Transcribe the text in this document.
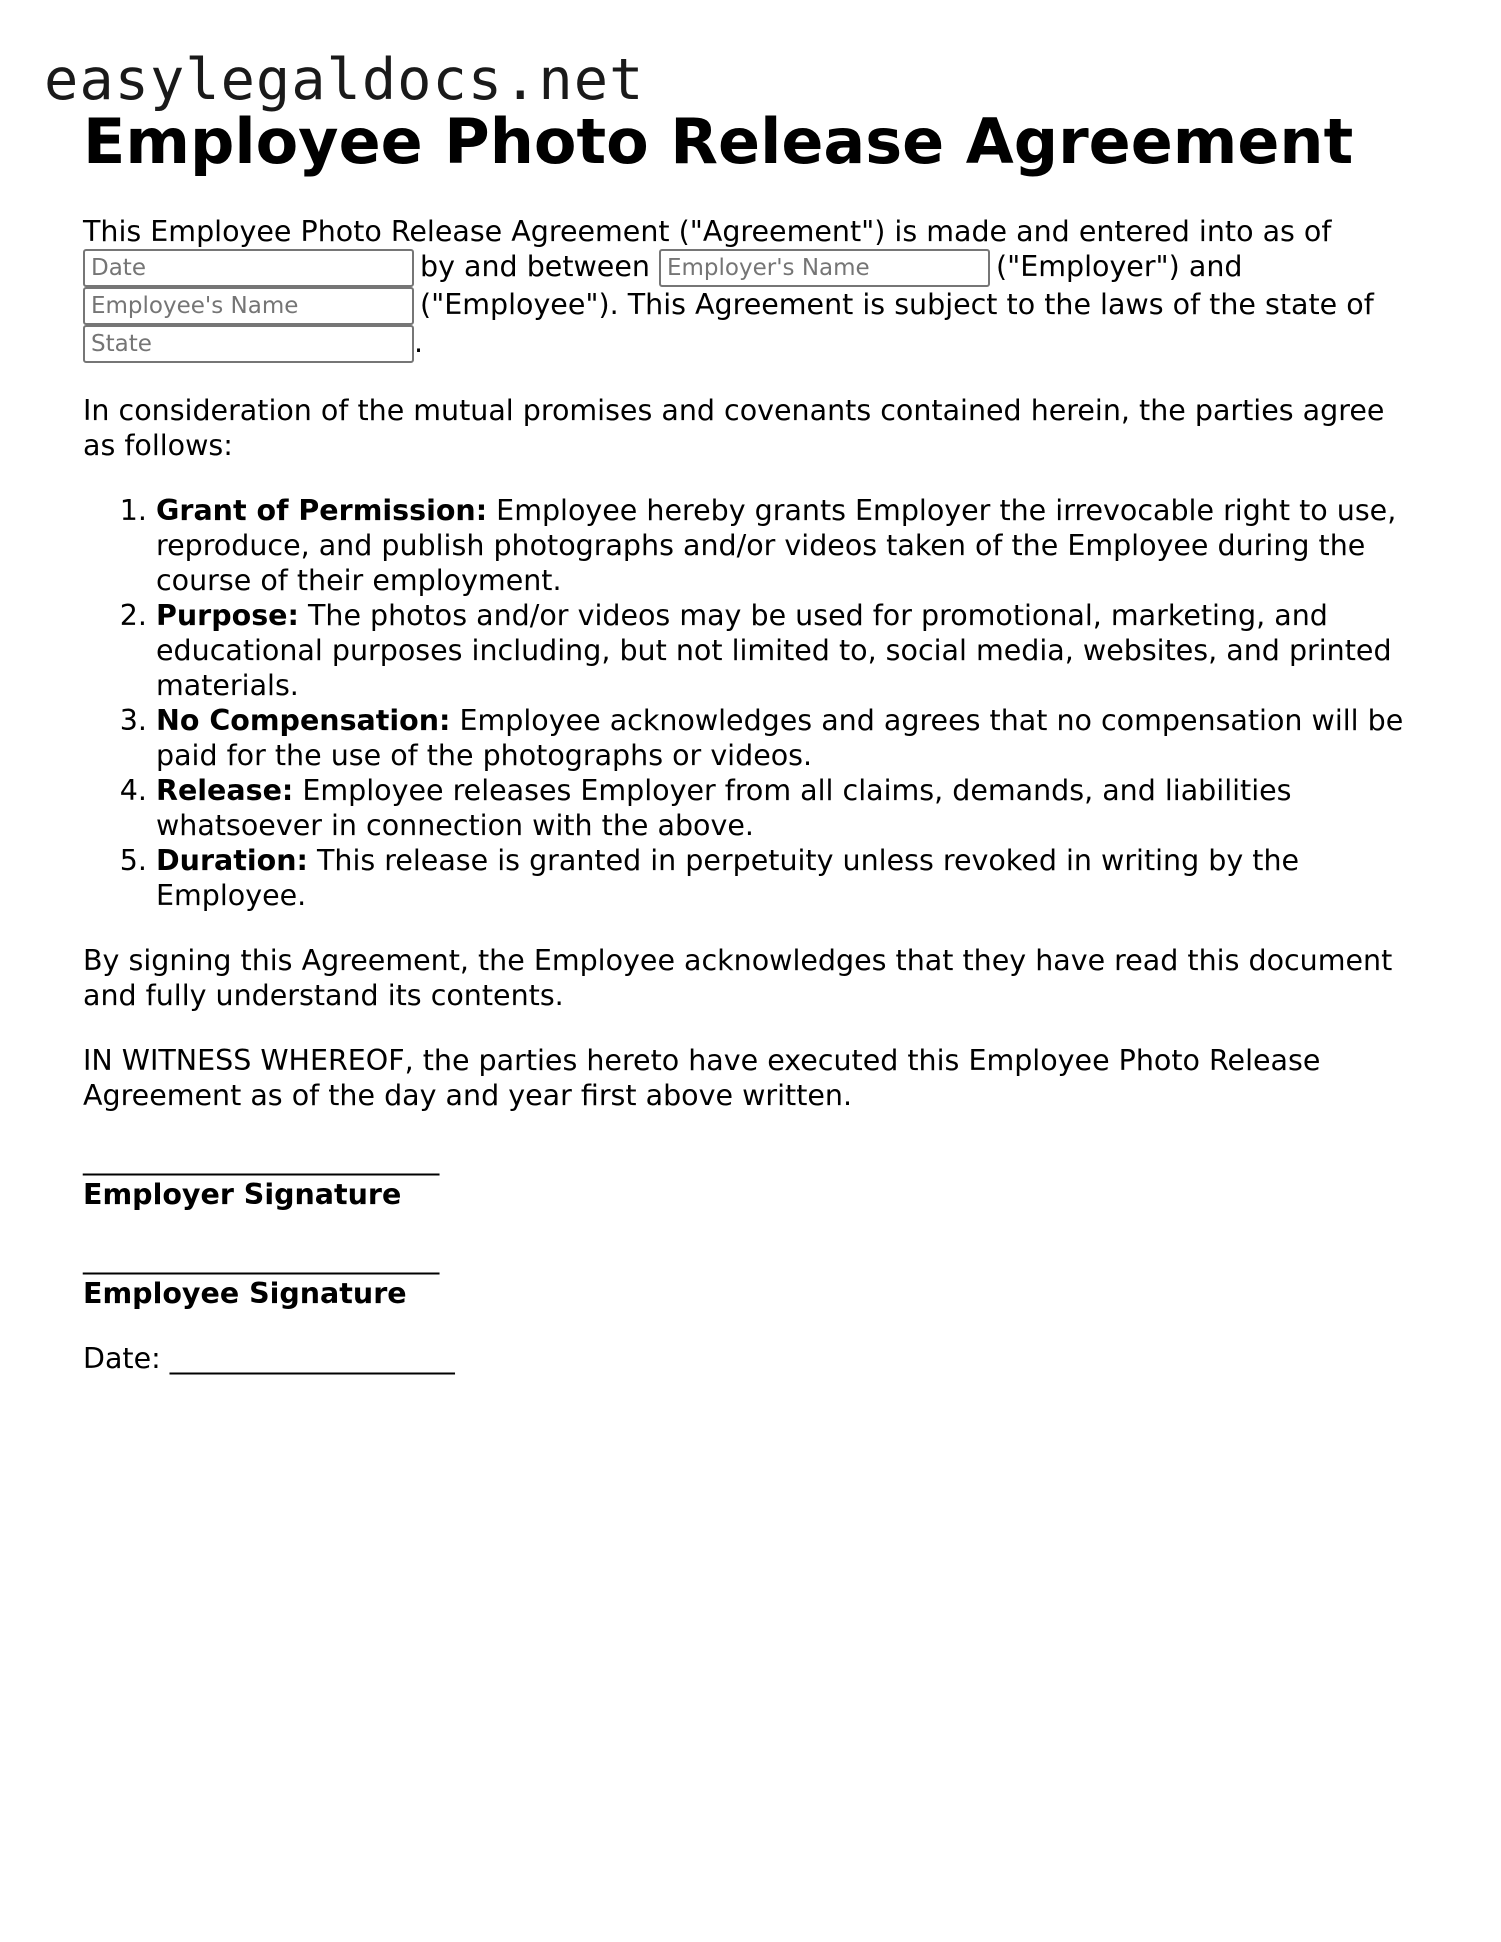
easylegaldocs.net
Employee Photo Release Agreement

This Employee Photo Release Agreement ("Agreement") is made and entered into as of
Dateby and between Employer's Name	("Employer") and
Employee's Name("Employee"). This Agreement is subject to the laws of the state of
State.

In consideration of the mutual promises and covenants contained herein, the parties agree as follows:

1. Grant of Permission: Employee hereby grants Employer the irrevocable right to use, reproduce, and publish photographs and/or videos taken of the Employee during the course of their employment.
2. Purpose: The photos and/or videos may be used for promotional, marketing, and educational purposes including, but not limited to, social media, websites, and printed materials.
3. No Compensation: Employee acknowledges and agrees that no compensation will be paid for the use of the photographs or videos.
4. Release: Employee releases Employer from all claims, demands, and liabilities whatsoever in connection with the above.
5. Duration: This release is granted in perpetuity unless revoked in writing by the Employee.

By signing this Agreement, the Employee acknowledges that they have read this document and fully understand its contents.

IN WITNESS WHEREOF, the parties hereto have executed this Employee Photo Release Agreement as of the day and year first above written.

_________________________
Employer Signature
_________________________
Employee Signature
Date: ____________________
